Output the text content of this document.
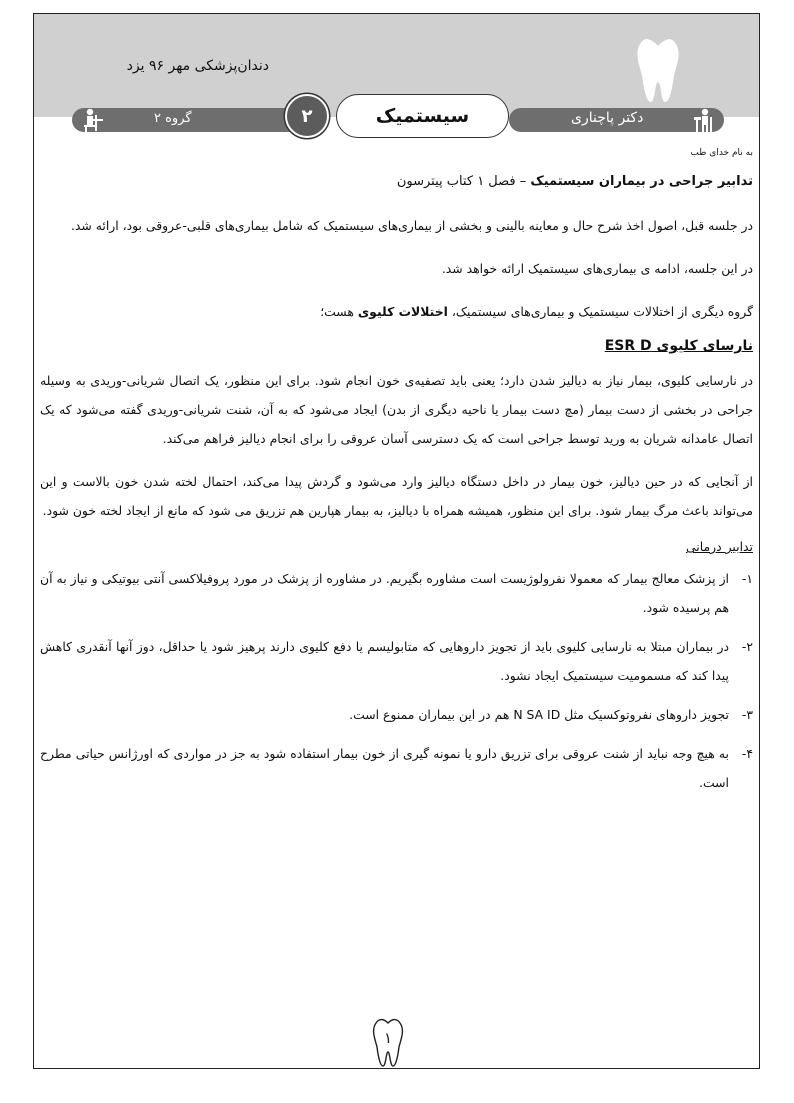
دندان‌پزشکی مهر ۹۶ یزد
گروه ۲	۲	سیستمیک	دکتر پاچناری

به نام خدای طب

تدابیر جراحی در بیماران سیستمیک – فصل ۱ کتاب پیترسون

در جلسه قبل، اصول اخذ شرح حال و معاینه بالینی و بخشی از بیماری‌های سیستمیک که شامل بیماری‌های قلبی-عروقی بود، ارائه شد.

در این جلسه، ادامه ی بیماری‌های سیستمیک ارائه خواهد شد.

گروه دیگری از اختلالات سیستمیک و بیماری‌های سیستمیک، اختلالات کلیوی هست؛

نارسای کلیوی ESR D

در نارسایی کلیوی، بیمار نیاز به دیالیز شدن دارد؛ یعنی باید تصفیه‌ی خون انجام شود. برای این منظور، یک اتصال شریانی-وریدی به وسیله جراحی در بخشی از دست بیمار (مچ دست بیمار یا ناحیه دیگری از بدن) ایجاد می‌شود که به آن، شنت شریانی-وریدی گفته می‌شود که یک اتصال عامدانه شریان به ورید توسط جراحی است که یک دسترسی آسان عروقی را برای انجام دیالیز فراهم می‌کند.

از آنجایی که در حین دیالیز، خون بیمار در داخل دستگاه دیالیز وارد می‌شود و گردش پیدا می‌کند، احتمال لخته شدن خون بالاست و این می‌تواند باعث مرگ بیمار شود. برای این منظور، همیشه همراه با دیالیز، به بیمار هپارین هم تزریق می شود که مانع از ایجاد لخته خون شود.

تدابیر درمانی

۱-
از پزشک معالج بیمار که معمولا نفرولوژیست است مشاوره بگیریم. در مشاوره از پزشک در مورد پروفیلاکسی آنتی بیوتیکی و نیاز به آن هم پرسیده شود.
۲-
در بیماران مبتلا به نارسایی کلیوی باید از تجویز داروهایی که متابولیسم یا دفع کلیوی دارند پرهیز شود یا حداقل، دوز آنها آنقدری کاهش پیدا کند که مسمومیت سیستمیک ایجاد نشود.
۳-
تجویز داروهای نفروتوکسیک مثل N SA ID هم در این بیماران ممنوع است.
۴-
به هیچ وجه نباید از شنت عروقی برای تزریق دارو یا نمونه گیری از خون بیمار استفاده شود به جز در مواردی که اورژانس حیاتی مطرح است.
۱
